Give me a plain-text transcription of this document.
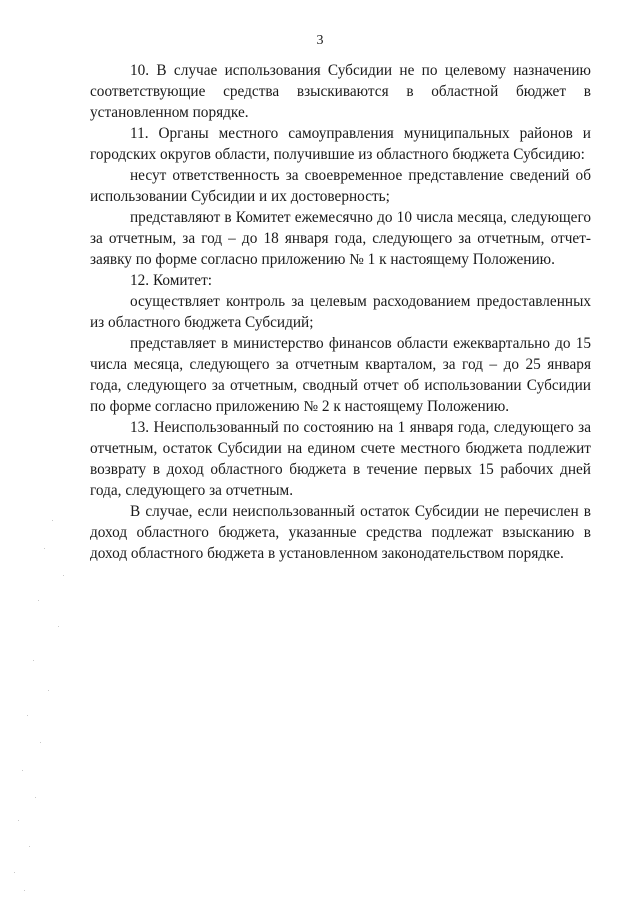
3

10. В случае использования Субсидии не по целевому назначению соответствующие средства взыскиваются в областной бюджет в установленном порядке.

11. Органы местного самоуправления муниципальных районов и городских округов области, получившие из областного бюджета Субсидию:

несут ответственность за своевременное представление сведений об использовании Субсидии и их достоверность;

представляют в Комитет ежемесячно до 10 числа месяца, следующего за отчетным, за год – до 18 января года, следующего за отчетным, отчет-заявку по форме согласно приложению № 1 к настоящему Положению.

12. Комитет:

осуществляет контроль за целевым расходованием предоставленных из областного бюджета Субсидий;

представляет в министерство финансов области ежеквартально до 15 числа месяца, следующего за отчетным кварталом, за год – до 25 января года, следующего за отчетным, сводный отчет об использовании Субсидии по форме согласно приложению № 2 к настоящему Положению.

13. Неиспользованный по состоянию на 1 января года, следующего за отчетным, остаток Субсидии на едином счете местного бюджета подлежит возврату в доход областного бюджета в течение первых 15 рабочих дней года, следующего за отчетным.

В случае, если неиспользованный остаток Субсидии не перечислен в доход областного бюджета, указанные средства подлежат взысканию в доход областного бюджета в установленном законодательством порядке.
